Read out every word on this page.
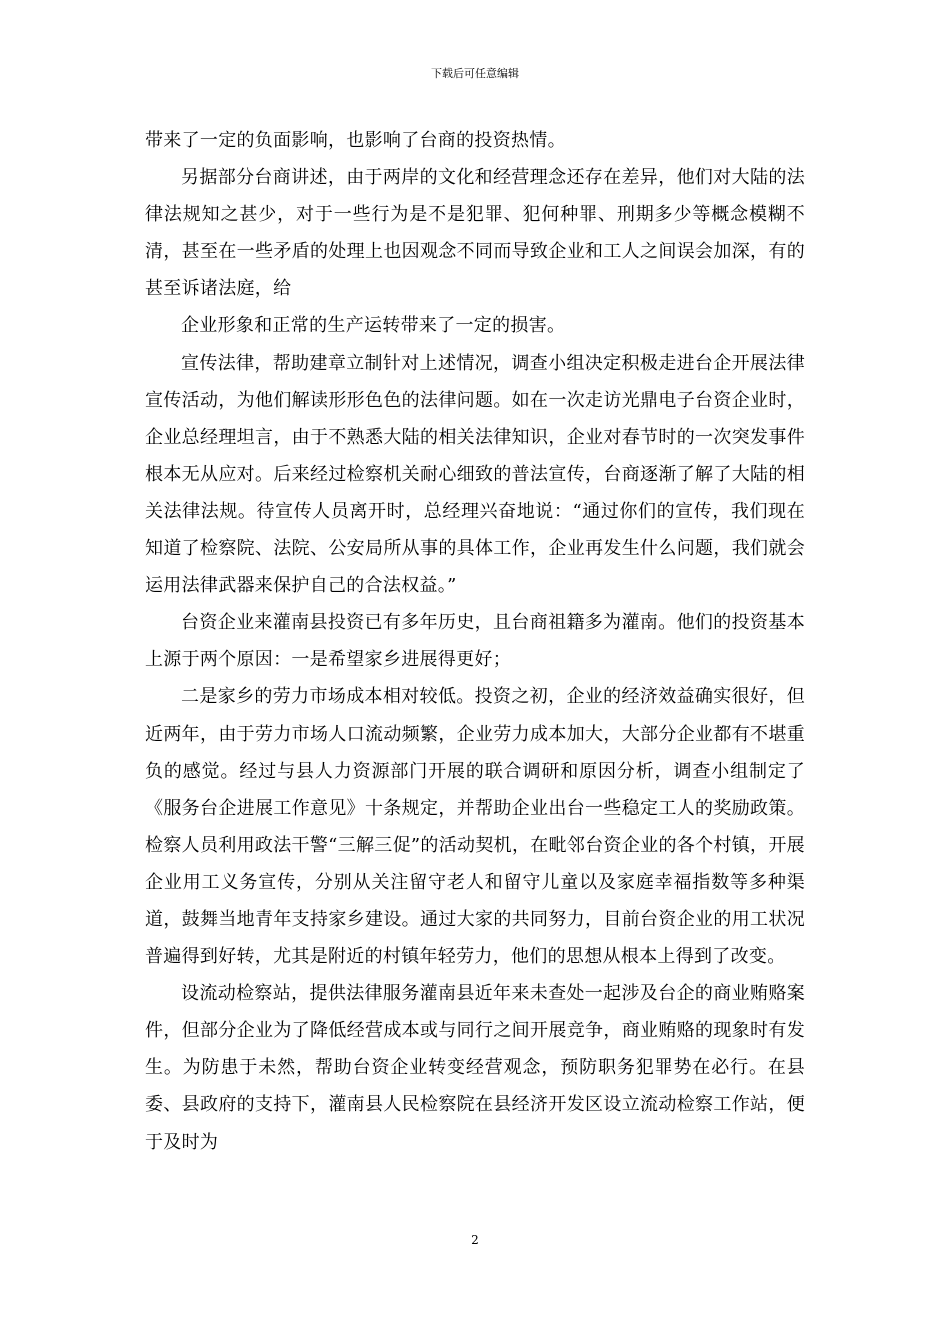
下载后可任意编辑

带来了一定的负面影响，也影响了台商的投资热情。

另据部分台商讲述，由于两岸的文化和经营理念还存在差异，他们对大陆的法律法规知之甚少，对于一些行为是不是犯罪、犯何种罪、刑期多少等概念模糊不清，甚至在一些矛盾的处理上也因观念不同而导致企业和工人之间误会加深，有的甚至诉诸法庭，给

企业形象和正常的生产运转带来了一定的损害。

宣传法律，帮助建章立制针对上述情况，调查小组决定积极走进台企开展法律宣传活动，为他们解读形形色色的法律问题。如在一次走访光鼎电子台资企业时，企业总经理坦言，由于不熟悉大陆的相关法律知识，企业对春节时的一次突发事件根本无从应对。后来经过检察机关耐心细致的普法宣传，台商逐渐了解了大陆的相关法律法规。待宣传人员离开时，总经理兴奋地说：“通过你们的宣传，我们现在知道了检察院、法院、公安局所从事的具体工作，企业再发生什么问题，我们就会运用法律武器来保护自己的合法权益。”

台资企业来灌南县投资已有多年历史，且台商祖籍多为灌南。他们的投资基本上源于两个原因：一是希望家乡进展得更好；

二是家乡的劳力市场成本相对较低。投资之初，企业的经济效益确实很好，但近两年，由于劳力市场人口流动频繁，企业劳力成本加大，大部分企业都有不堪重负的感觉。经过与县人力资源部门开展的联合调研和原因分析，调查小组制定了《服务台企进展工作意见》十条规定，并帮助企业出台一些稳定工人的奖励政策。检察人员利用政法干警“三解三促”的活动契机，在毗邻台资企业的各个村镇，开展企业用工义务宣传，分别从关注留守老人和留守儿童以及家庭幸福指数等多种渠道，鼓舞当地青年支持家乡建设。通过大家的共同努力，目前台资企业的用工状况普遍得到好转，尤其是附近的村镇年轻劳力，他们的思想从根本上得到了改变。

设流动检察站，提供法律服务灌南县近年来未查处一起涉及台企的商业贿赂案件，但部分企业为了降低经营成本或与同行之间开展竞争，商业贿赂的现象时有发生。为防患于未然，帮助台资企业转变经营观念，预防职务犯罪势在必行。在县委、县政府的支持下，灌南县人民检察院在县经济开发区设立流动检察工作站，便于及时为

2
